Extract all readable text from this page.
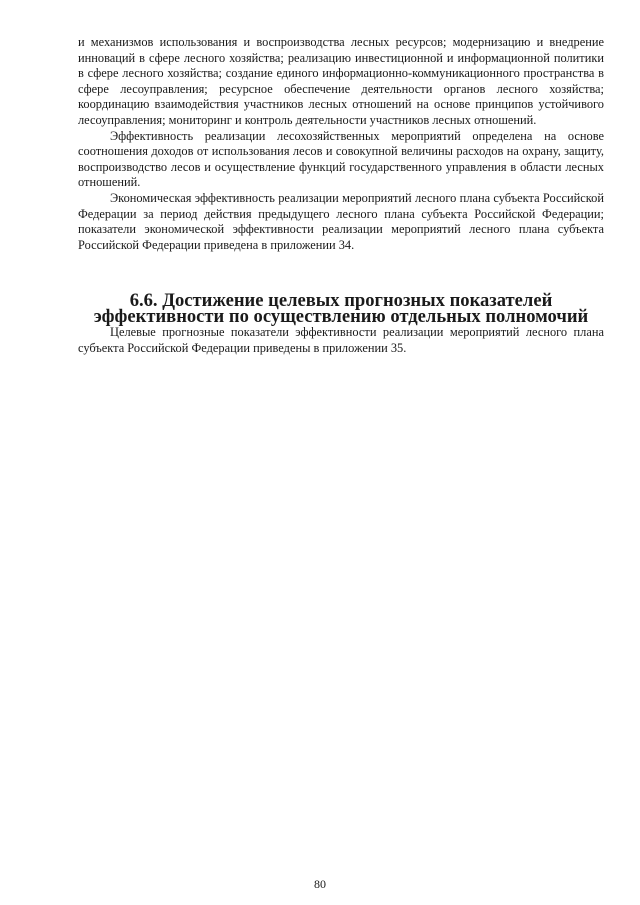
и механизмов использования и воспроизводства лесных ресурсов; модернизацию и внедрение инноваций в сфере лесного хозяйства; реализацию инвестиционной и информационной политики в сфере лесного хозяйства; создание единого информационно-коммуникационного пространства в сфере лесоуправления; ресурсное обеспечение деятельности органов лесного хозяйства; координацию взаимодействия участников лесных отношений на основе принципов устойчивого лесоуправления; мониторинг и контроль деятельности участников лесных отношений.

Эффективность реализации лесохозяйственных мероприятий определена на основе соотношения доходов от использования лесов и совокупной величины расходов на охрану, защиту, воспроизводство лесов и осуществление функций государственного управления в области лесных отношений.

Экономическая эффективность реализации мероприятий лесного плана субъекта Российской Федерации за период действия предыдущего лесного плана субъекта Российской Федерации; показатели экономической эффективности реализации мероприятий лесного плана субъекта Российской Федерации приведена в приложении 34.

6.6. Достижение целевых прогнозных показателей эффективности по осуществлению отдельных полномочий

Целевые прогнозные показатели эффективности реализации мероприятий лесного плана субъекта Российской Федерации приведены в приложении 35.

80
